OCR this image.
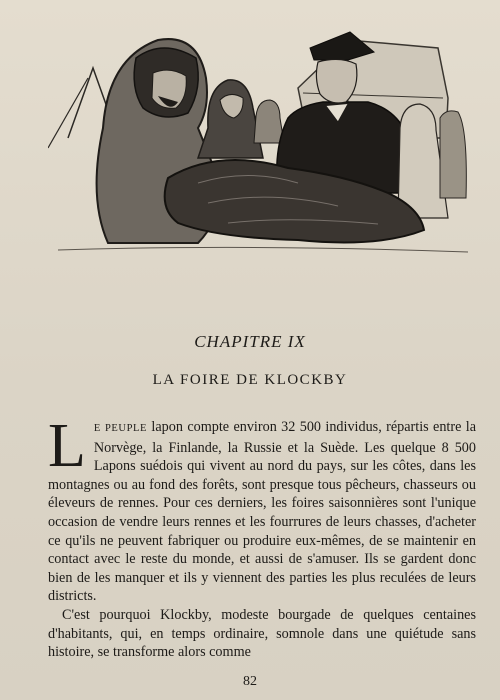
CHAPITRE IX
LA FOIRE DE KLOCKBY

L E PEUPLE lapon compte environ 32 500 individus, répartis entre la Norvège, la Finlande, la Russie et la Suède. Les quelque 8 500 Lapons suédois qui vivent au nord du pays, sur les côtes, dans les montagnes ou au fond des forêts, sont presque tous pêcheurs, chasseurs ou éleveurs de rennes. Pour ces derniers, les foires saisonnières sont l'unique occasion de vendre leurs rennes et les fourrures de leurs chasses, d'acheter ce qu'ils ne peuvent fabriquer ou produire eux-mêmes, de se maintenir en contact avec le reste du monde, et aussi de s'amuser. Ils se gardent donc bien de les manquer et ils y viennent des parties les plus reculées de leurs districts.

C'est pourquoi Klockby, modeste bourgade de quelques centaines d'habitants, qui, en temps ordinaire, somnole dans une quiétude sans histoire, se transforme alors comme

82
